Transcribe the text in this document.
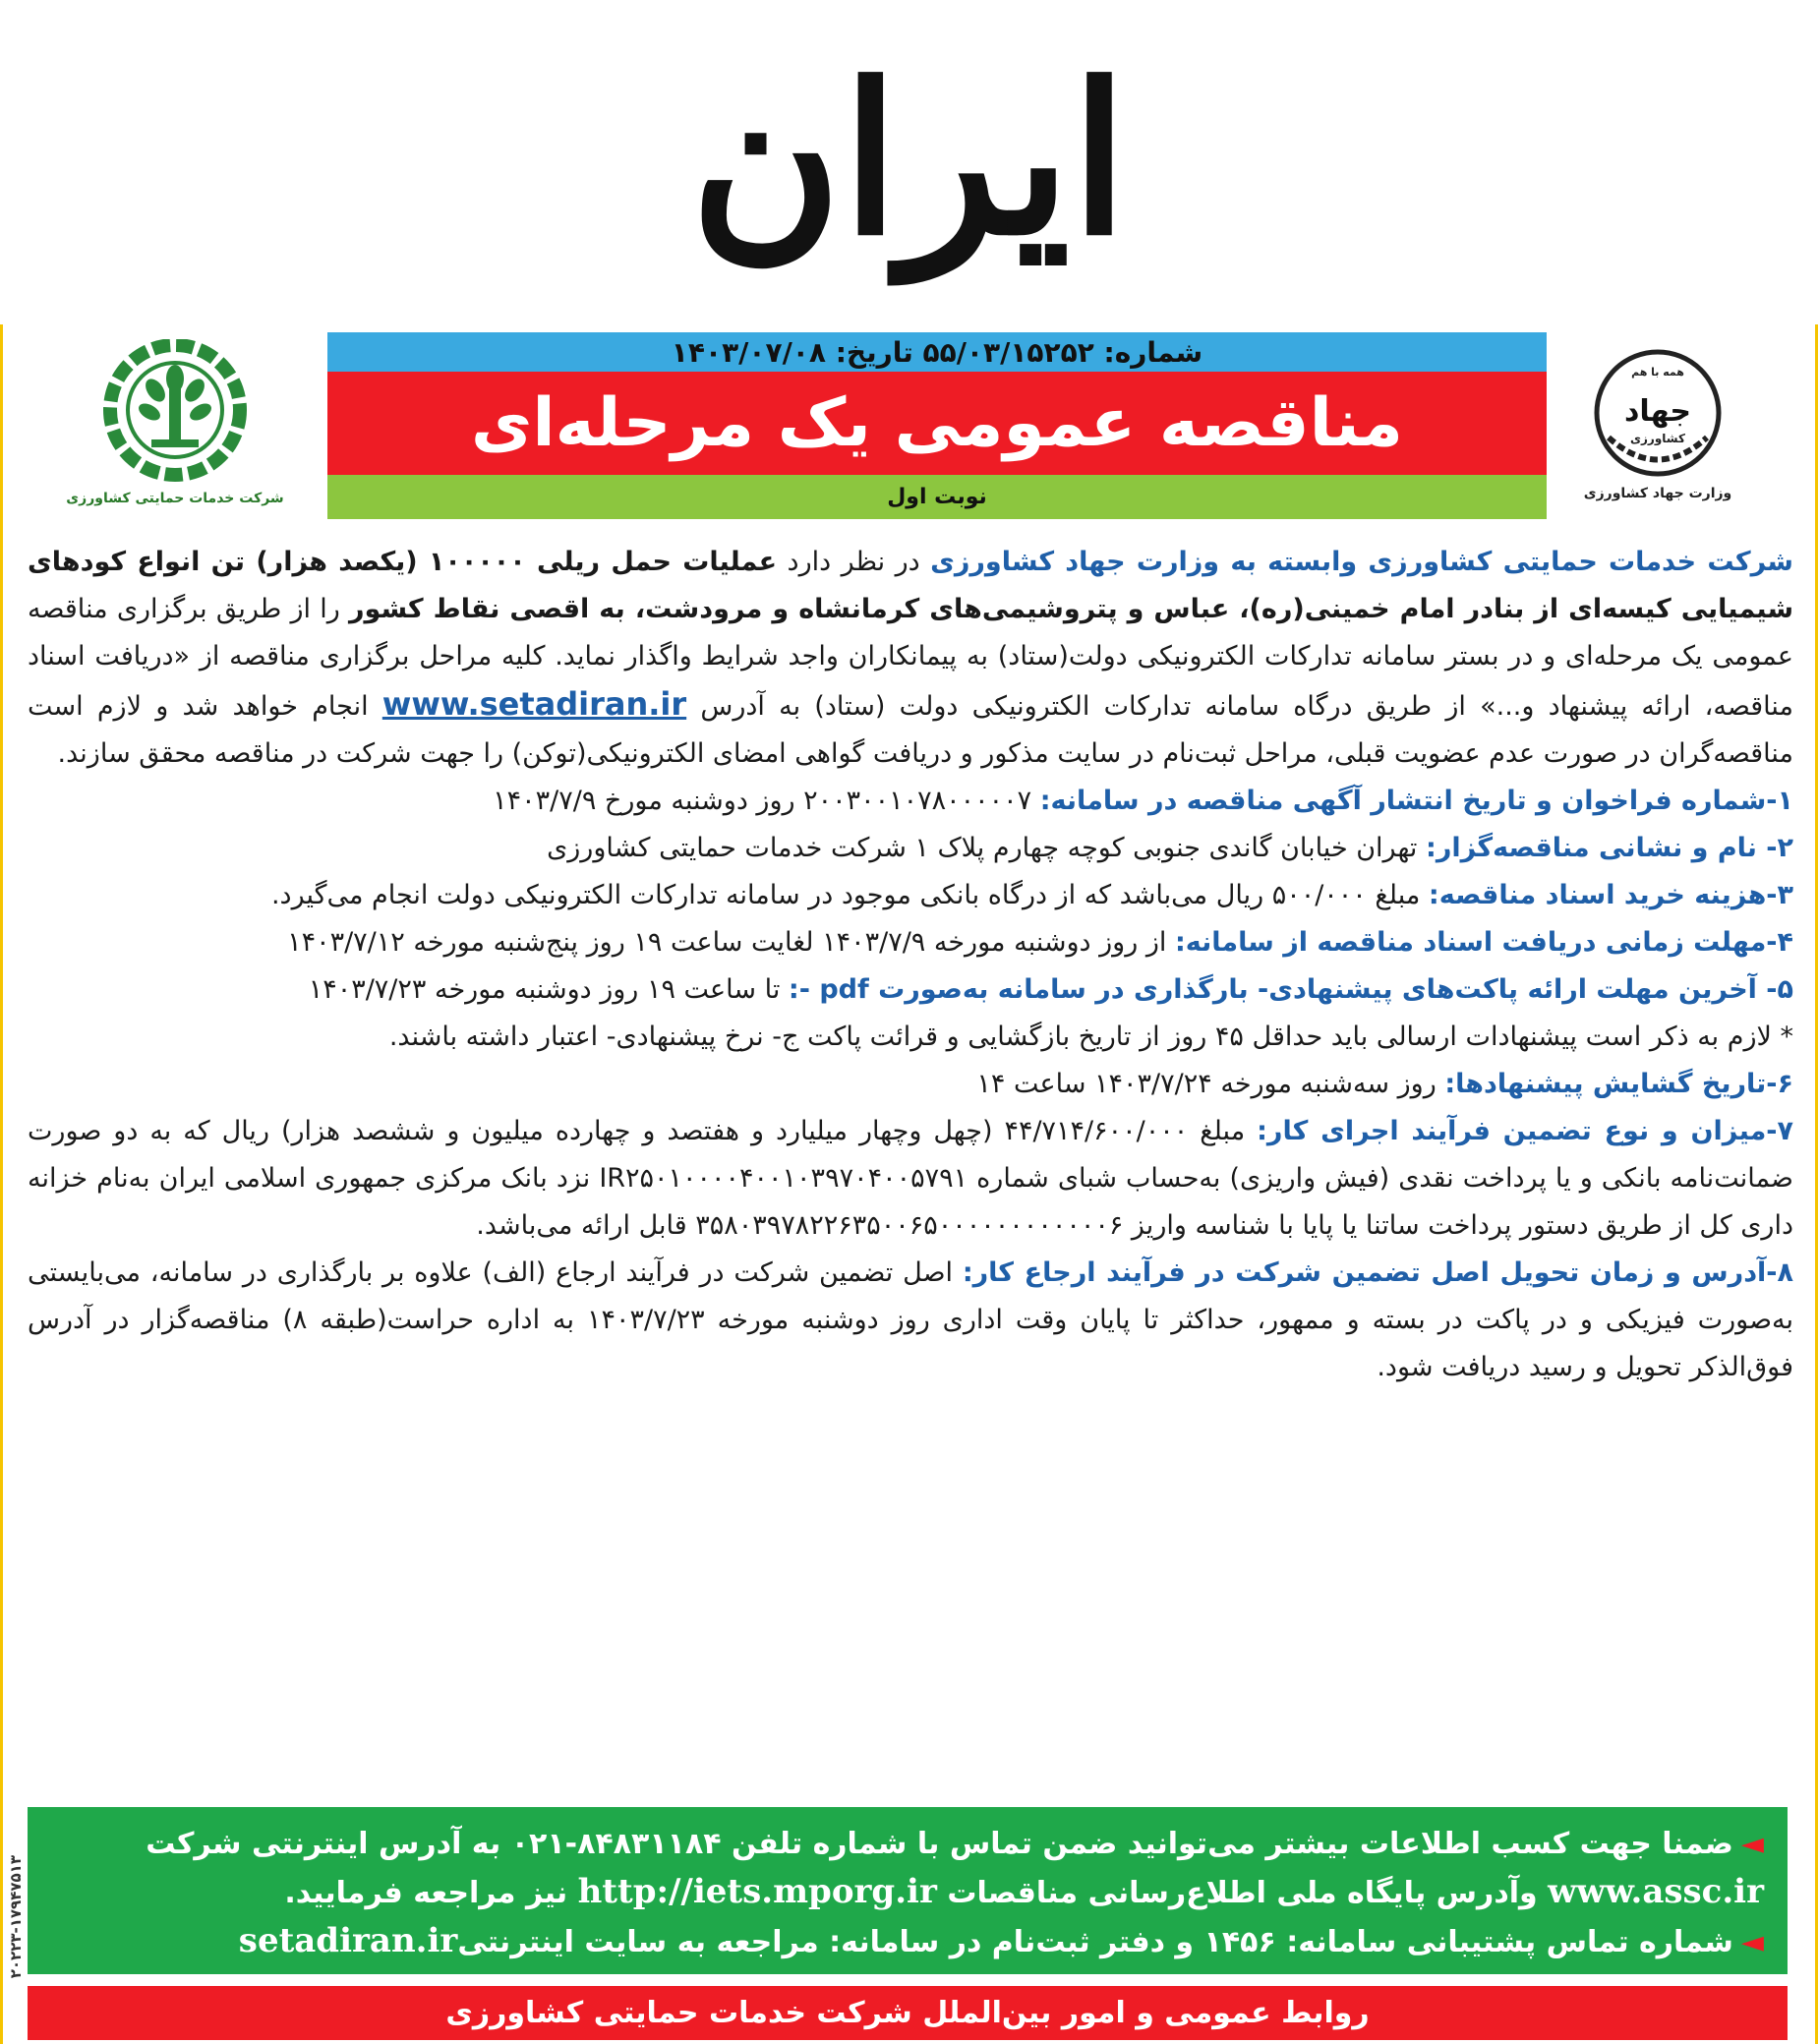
ایران
شرکت خدمات حمایتی کشاورزی
شماره: ۵۵/۰۳/۱۵۲۵۲ تاریخ: ۱۴۰۳/۰۷/۰۸
مناقصه عمومی یک مرحله‌ای
نوبت اول
همه با هم
جهاد
کشاورزی
وزارت جهاد کشاورزی

شرکت خدمات حمایتی کشاورزی وابسته به وزارت جهاد کشاورزی در نظر دارد عملیات حمل ریلی ۱۰۰۰۰۰ (یکصد هزار) تن انواع کودهای شیمیایی کیسه‌ای از بنادر امام خمینی(ره)، عباس و پتروشیمی‌های کرمانشاه و مرودشت، به اقصی نقاط کشور را از طریق برگزاری مناقصه عمومی یک مرحله‌ای و در بستر سامانه تدارکات الکترونیکی دولت(ستاد) به پیمانکاران واجد شرایط واگذار نماید. کلیه مراحل برگزاری مناقصه از «دریافت اسناد مناقصه، ارائه پیشنهاد و...» از طریق درگاه سامانه تدارکات الکترونیکی دولت (ستاد) به آدرس www.setadiran.ir انجام خواهد شد و لازم است مناقصه‌گران در صورت عدم عضویت قبلی، مراحل ثبت‌نام در سایت مذکور و دریافت گواهی امضای الکترونیکی(توکن) را جهت شرکت در مناقصه محقق سازند.

۱-شماره فراخوان و تاریخ انتشار آگهی مناقصه در سامانه: ۲۰۰۳۰۰۱۰۷۸۰۰۰۰۰۷ روز دوشنبه مورخ ۱۴۰۳/۷/۹

۲- نام و نشانی مناقصه‌گزار: تهران خیابان گاندی جنوبی کوچه چهارم پلاک ۱ شرکت خدمات حمایتی کشاورزی

۳-هزینه خرید اسناد مناقصه: مبلغ ۵۰۰/۰۰۰ ریال می‌باشد که از درگاه بانکی موجود در سامانه تدارکات الکترونیکی دولت انجام می‌گیرد.

۴-مهلت زمانی دریافت اسناد مناقصه از سامانه: از روز دوشنبه مورخه ۱۴۰۳/۷/۹ لغایت ساعت ۱۹ روز پنج‌شنبه مورخه ۱۴۰۳/۷/۱۲

۵- آخرین مهلت ارائه پاکت‌های پیشنهادی- بارگذاری در سامانه به‌صورت pdf -: تا ساعت ۱۹ روز دوشنبه مورخه ۱۴۰۳/۷/۲۳

* لازم به ذکر است پیشنهادات ارسالی باید حداقل ۴۵ روز از تاریخ بازگشایی و قرائت پاکت ج- نرخ پیشنهادی- اعتبار داشته باشند.

۶-تاریخ گشایش پیشنهادها: روز سه‌شنبه مورخه ۱۴۰۳/۷/۲۴ ساعت ۱۴

۷-میزان و نوع تضمین فرآیند اجرای کار: مبلغ ۴۴/۷۱۴/۶۰۰/۰۰۰ (چهل وچهار میلیارد و هفتصد و چهارده میلیون و ششصد هزار) ریال که به دو صورت ضمانت‌نامه بانکی و یا پرداخت نقدی (فیش واریزی) به‌حساب شبای شماره IR۲۵۰۱۰۰۰۰۴۰۰۱۰۳۹۷۰۴۰۰۵۷۹۱ نزد بانک مرکزی جمهوری اسلامی ایران به‌نام خزانه داری کل از طریق دستور پرداخت ساتنا یا پایا با شناسه واریز ۳۵۸۰۳۹۷۸۲۲۶۳۵۰۰۶۵۰۰۰۰۰۰۰۰۰۰۰۰۶ قابل ارائه می‌باشد.

۸-آدرس و زمان تحویل اصل تضمین شرکت در فرآیند ارجاع کار: اصل تضمین شرکت در فرآیند ارجاع (الف) علاوه بر بارگذاری در سامانه، می‌بایستی به‌صورت فیزیکی و در پاکت در بسته و ممهور، حداکثر تا پایان وقت اداری روز دوشنبه مورخه ۱۴۰۳/۷/۲۳ به اداره حراست(طبقه ۸) مناقصه‌گزار در آدرس فوق‌الذکر تحویل و رسید دریافت شود.

◄ضمنا جهت کسب اطلاعات بیشتر می‌توانید ضمن تماس با شماره تلفن ۸۴۸۳۱۱۸۴-۰۲۱ به آدرس اینترنتی شرکت www.assc.ir وآدرس پایگاه ملی اطلاع‌رسانی مناقصات http://iets.mporg.ir نیز مراجعه فرمایید.

◄شماره تماس پشتیبانی سامانه: ۱۴۵۶ و دفتر ثبت‌نام در سامانه: مراجعه به سایت اینترنتیsetadiran.ir

روابط عمومی و امور بین‌الملل شرکت خدمات حمایتی کشاورزی
۲۰۲۲۳-۱۷۹۴۷۵۱۳
